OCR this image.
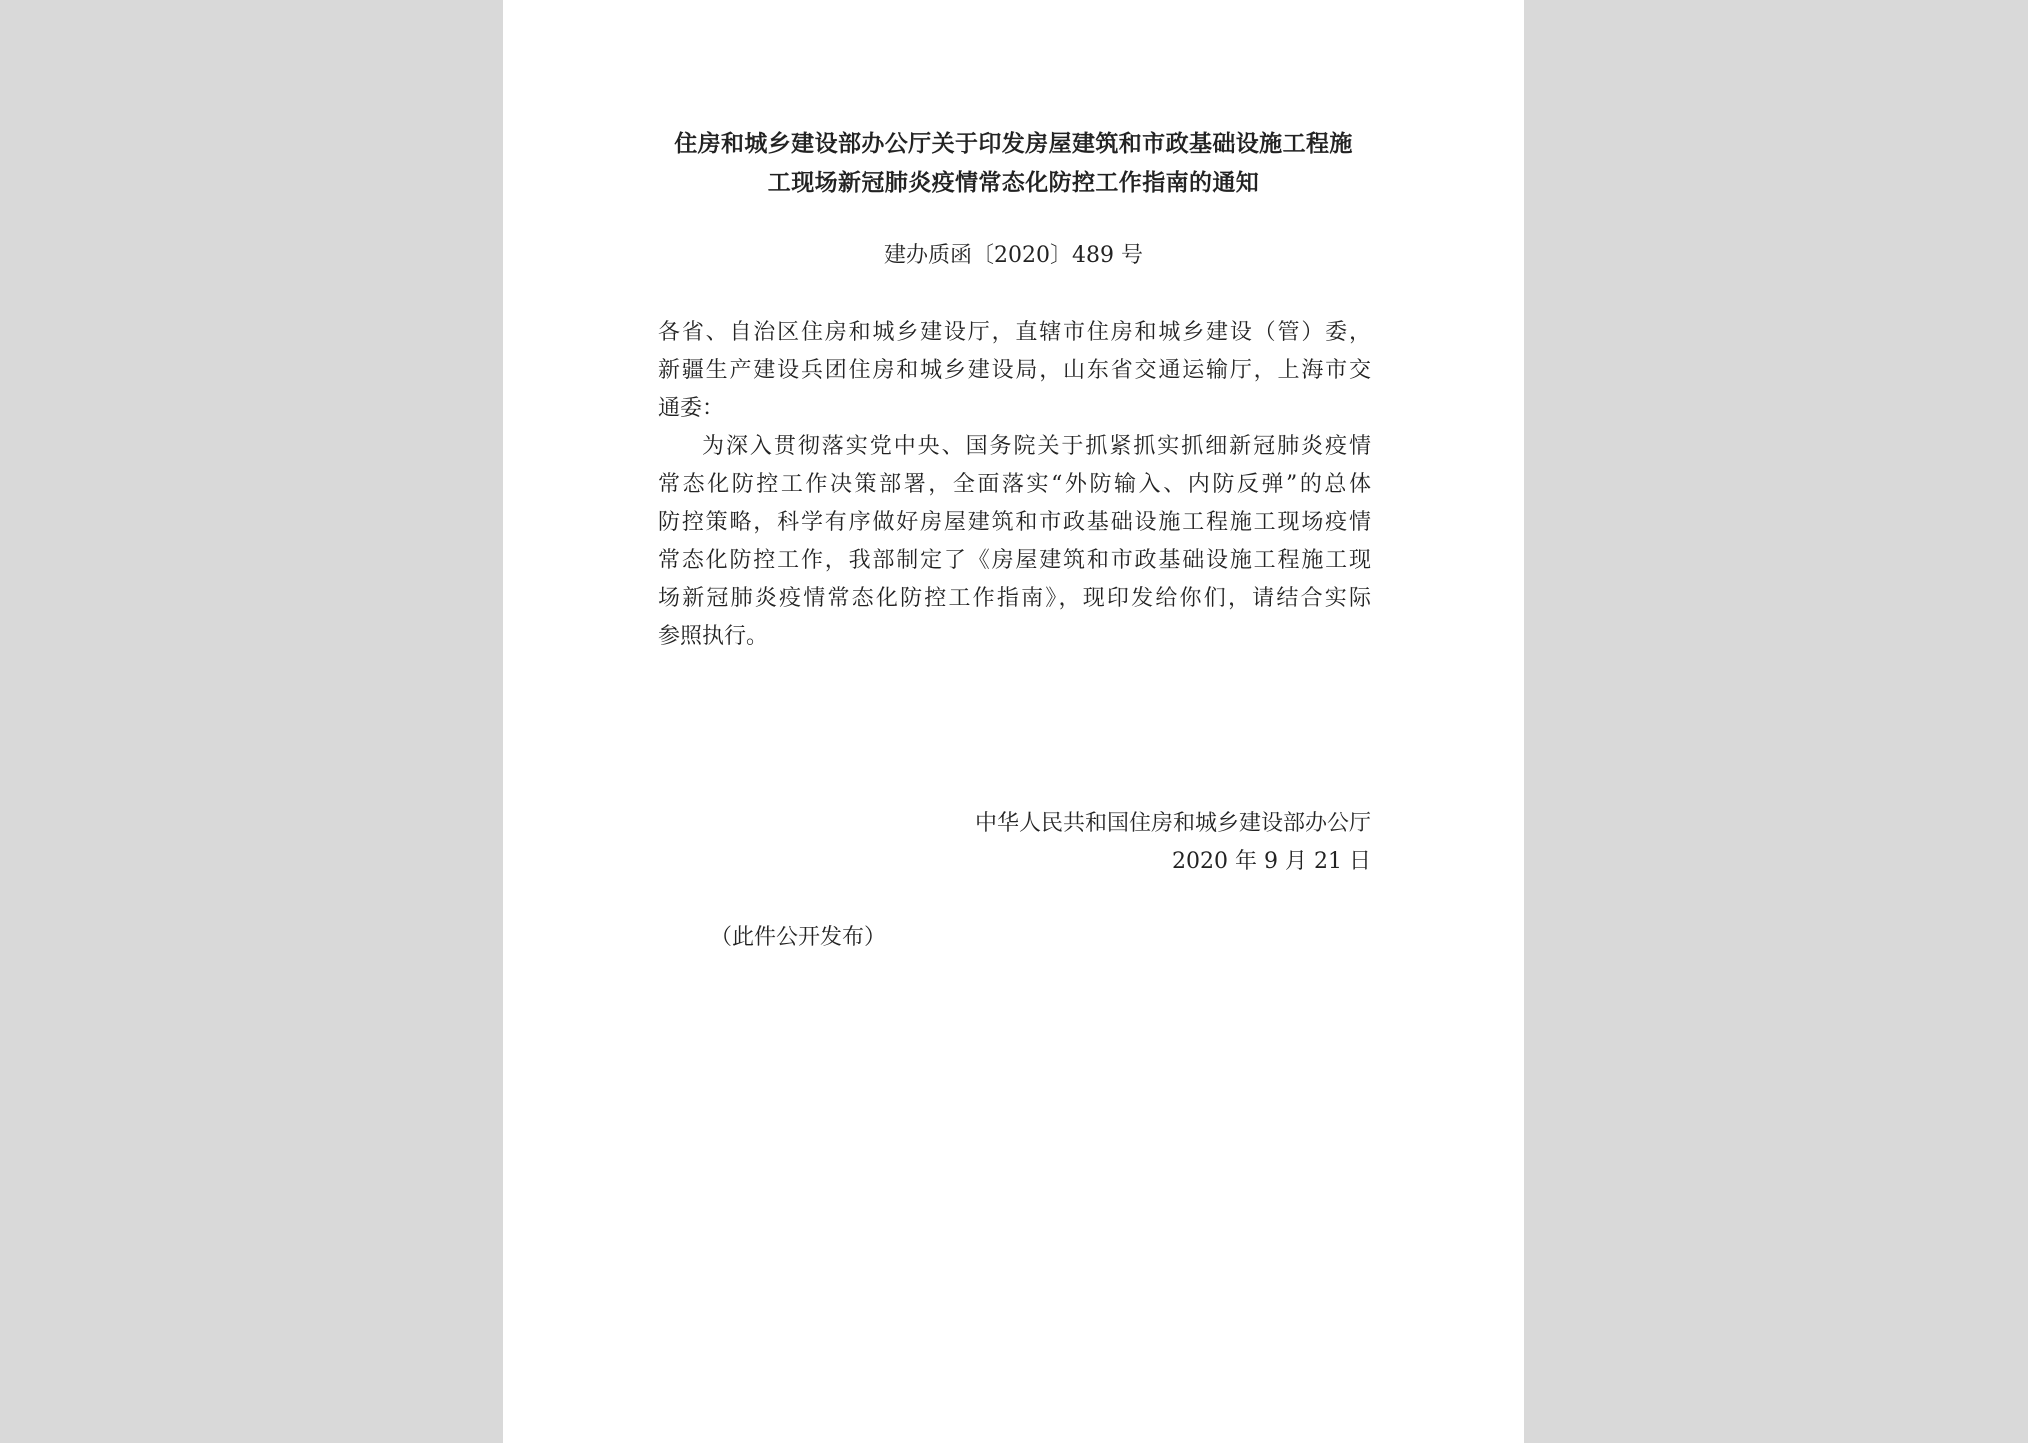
住房和城乡建设部办公厅关于印发房屋建筑和市政基础设施工程施
工现场新冠肺炎疫情常态化防控工作指南的通知
建办质函〔2020〕489 号
各省、自治区住房和城乡建设厅，直辖市住房和城乡建设（管）委，
新疆生产建设兵团住房和城乡建设局，山东省交通运输厅，上海市交
通委：
为深入贯彻落实党中央、国务院关于抓紧抓实抓细新冠肺炎疫情
常态化防控工作决策部署，全面落实“外防输入、内防反弹”的总体
防控策略，科学有序做好房屋建筑和市政基础设施工程施工现场疫情
常态化防控工作，我部制定了《房屋建筑和市政基础设施工程施工现
场新冠肺炎疫情常态化防控工作指南》，现印发给你们，请结合实际
参照执行。
中华人民共和国住房和城乡建设部办公厅
2020 年 9 月 21 日
（此件公开发布）
